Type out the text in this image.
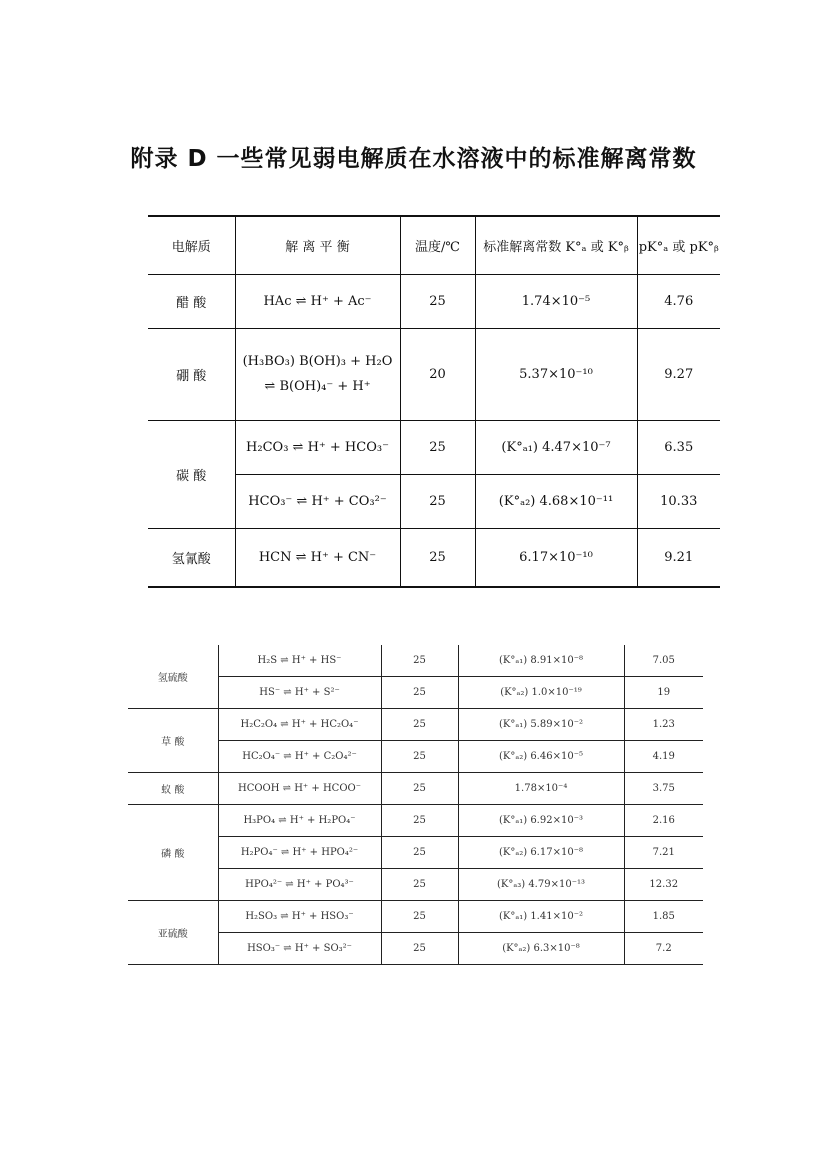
附录 D 一些常见弱电解质在水溶液中的标准解离常数
电解质	解 离 平 衡	温度/℃	标准解离常数 K°ₐ 或 K°ᵦ	pK°ₐ 或 pK°ᵦ
醋 酸	HAc ⇌ H⁺ + Ac⁻	25	1.74×10⁻⁵	4.76
硼 酸	(H₃BO₃) B(OH)₃ + H₂O ⇌ B(OH)₄⁻ + H⁺	20	5.37×10⁻¹⁰	9.27
碳 酸	H₂CO₃ ⇌ H⁺ + HCO₃⁻	25	(K°ₐ₁) 4.47×10⁻⁷	6.35
	HCO₃⁻ ⇌ H⁺ + CO₃²⁻	25	(K°ₐ₂) 4.68×10⁻¹¹	10.33
氢氰酸	HCN ⇌ H⁺ + CN⁻	25	6.17×10⁻¹⁰	9.21
氢硫酸	H₂S ⇌ H⁺ + HS⁻	25	(K°ₐ₁) 8.91×10⁻⁸	7.05
	HS⁻ ⇌ H⁺ + S²⁻	25	(K°ₐ₂) 1.0×10⁻¹⁹	19
草 酸	H₂C₂O₄ ⇌ H⁺ + HC₂O₄⁻	25	(K°ₐ₁) 5.89×10⁻²	1.23
	HC₂O₄⁻ ⇌ H⁺ + C₂O₄²⁻	25	(K°ₐ₂) 6.46×10⁻⁵	4.19
蚁 酸	HCOOH ⇌ H⁺ + HCOO⁻	25	1.78×10⁻⁴	3.75
磷 酸	H₃PO₄ ⇌ H⁺ + H₂PO₄⁻	25	(K°ₐ₁) 6.92×10⁻³	2.16
	H₂PO₄⁻ ⇌ H⁺ + HPO₄²⁻	25	(K°ₐ₂) 6.17×10⁻⁸	7.21
	HPO₄²⁻ ⇌ H⁺ + PO₄³⁻	25	(K°ₐ₃) 4.79×10⁻¹³	12.32
亚硫酸	H₂SO₃ ⇌ H⁺ + HSO₃⁻	25	(K°ₐ₁) 1.41×10⁻²	1.85
	HSO₃⁻ ⇌ H⁺ + SO₃²⁻	25	(K°ₐ₂) 6.3×10⁻⁸	7.2
